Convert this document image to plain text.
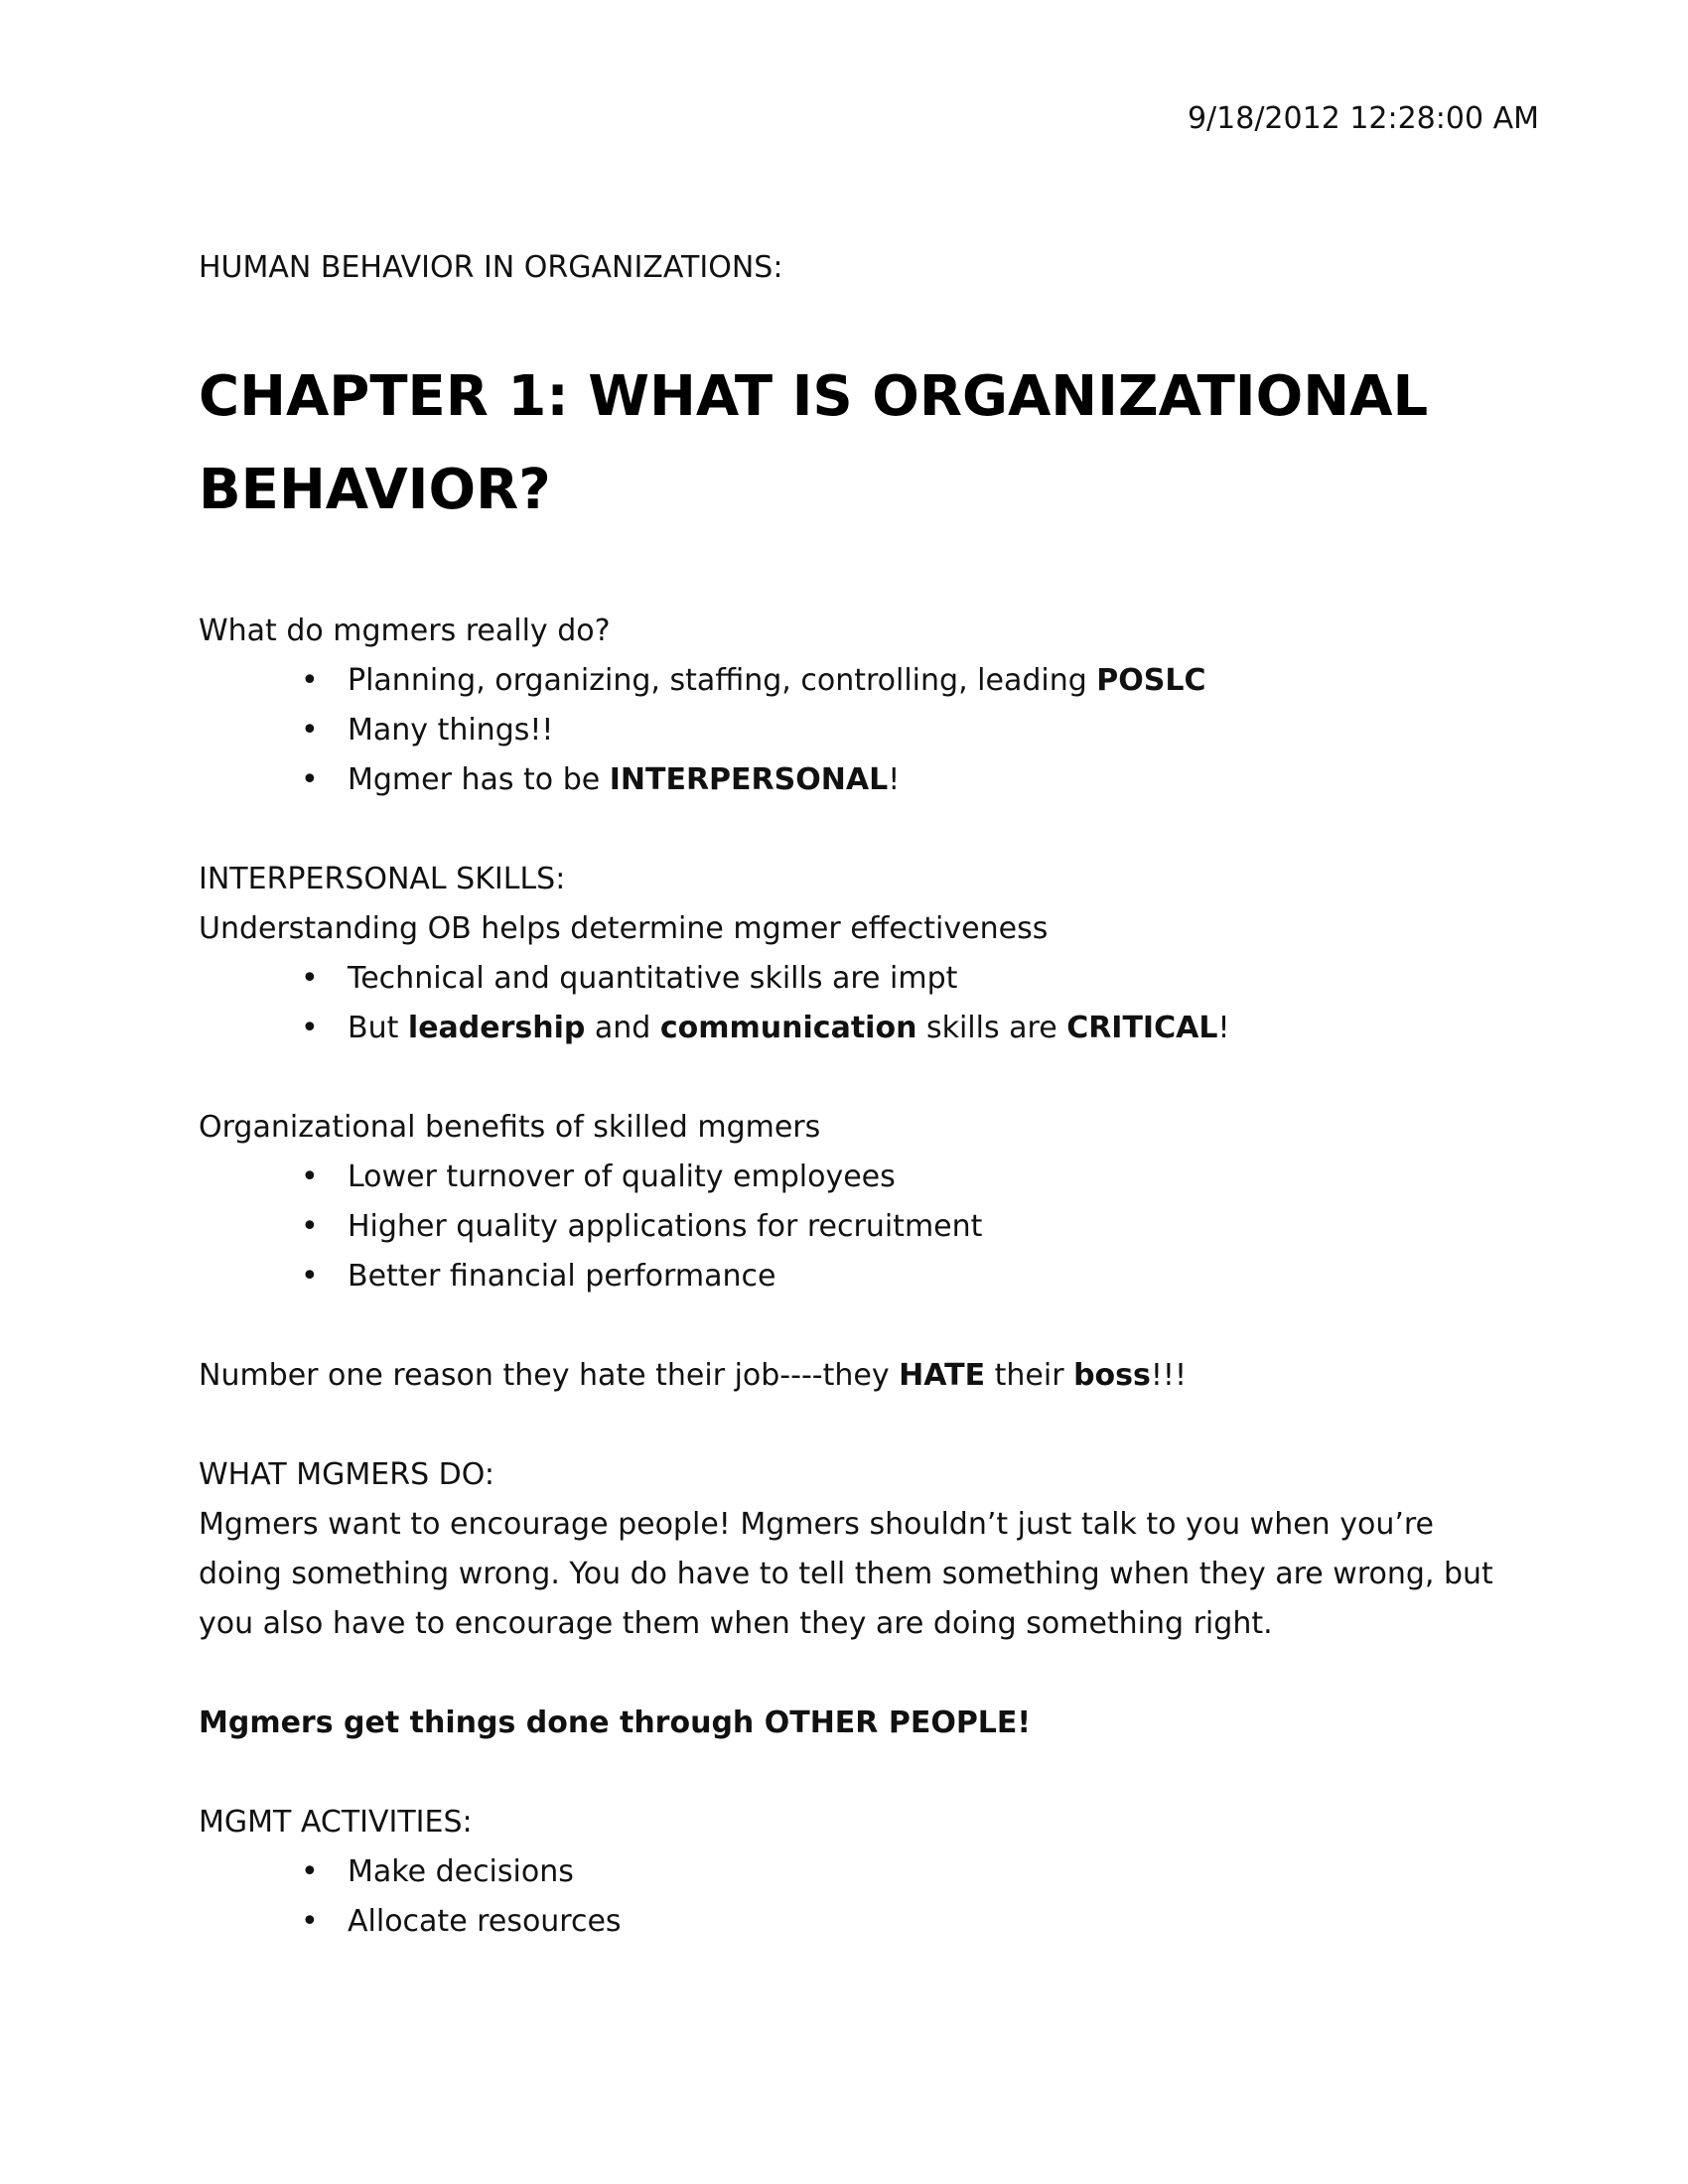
9/18/2012 12:28:00 AM
HUMAN BEHAVIOR IN ORGANIZATIONS:
CHAPTER 1: WHAT IS ORGANIZATIONAL BEHAVIOR?
What do mgmers really do?
• Planning, organizing, staffing, controlling, leading POSLC
• Many things!!
• Mgmer has to be INTERPERSONAL!
INTERPERSONAL SKILLS:
Understanding OB helps determine mgmer effectiveness
• Technical and quantitative skills are impt
• But leadership and communication skills are CRITICAL!
Organizational benefits of skilled mgmers
• Lower turnover of quality employees
• Higher quality applications for recruitment
• Better financial performance
Number one reason they hate their job----they HATE their boss!!!
WHAT MGMERS DO:
Mgmers want to encourage people! Mgmers shouldn’t just talk to you when you’re doing something wrong. You do have to tell them something when they are wrong, but you also have to encourage them when they are doing something right.
Mgmers get things done through OTHER PEOPLE!
MGMT ACTIVITIES:
• Make decisions
• Allocate resources
